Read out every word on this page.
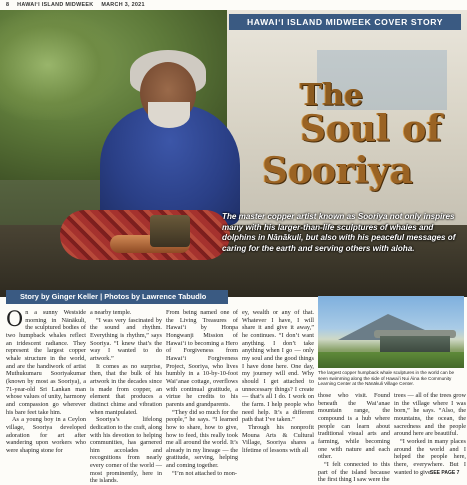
8 HAWAIʻI ISLAND MIDWEEK MARCH 3, 2021
HAWAIʻI ISLAND MIDWEEK COVER STORY
The
Soul of
Sooriya
The master copper artist known as Sooriya not only inspires many with his larger-than-life sculptures of whales and dolphins in Nānākuli, but also with his peaceful messages of caring for the earth and serving others with aloha.
Story by Ginger Keller | Photos by Lawrence Tabudlo

On a sunny Westside morning in Nānākuli, the sculptured bodies of two humpback whales reflect an iridescent radiance. They represent the largest copper whale structure in the world, and are the handiwork of artist Muthukumaru Sooriyakumar (known by most as Sooriya), a 71-year-old Sri Lankan man whose values of unity, harmony and compassion go wherever his bare feet take him.

As a young boy in a Ceylon village, Sooriya developed adoration for art after wandering upon workers who were shaping stone for

a nearby temple.

“I was very fascinated by the sound and rhythm. Everything is rhythm,” says Sooriya. “I knew that’s the way I wanted to do artwork.”

It comes as no surprise, then, that the bulk of his artwork in the decades since is made from copper, an element that produces a distinct chime and vibration when manipulated.

Sooriya’s lifelong dedication to the craft, along with his devotion to helping communities, has garnered him accolades and recognitions from nearly every corner of the world — most prominently, here in the islands.

From being named one of the Living Treasures of Hawaiʻi by Honpa Hongwanji Mission of Hawaiʻi to becoming a Hero of Forgiveness from Hawaiʻi Forgiveness Project, Sooriya, who lives humbly in a 10-by-10-foot Waiʻanae cottage, overflows with continual gratitude, a virtue he credits to his parents and grandparents.

“They did so much for the people,” he says. “I learned how to share, how to give, how to feed, this really took me all around the world. It’s already in my lineage — the gratitude, serving, helping and coming together.

“I’m not attached to mon-

ey, wealth or any of that. Whatever I have, I will share it and give it away,” he continues. “I don’t want anything. I don’t take anything when I go — only my soul and the good things I have done here. One day, my journey will end. Why should I get attached to unnecessary things? I create — that’s all I do. I work on the farm. I help people who need help. It’s a different path that I’ve taken.”

Through his nonprofit Mouna Arts & Cultural Village, Sooriya shares a lifetime of lessons with all

The largest copper humpback whale sculptures in the world can be seen swimming along the side of Hawaiʻi Nui Āina Ike Community Learning Center at the Nānākuli Village Center.

those who visit. Found beneath the Waiʻanae mountain range, the compound is a hub where people can learn about traditional visual arts and farming, while becoming one with nature and each other.

“I felt connected to this part of the island because the first thing I saw were the

trees — all of the trees grow in the village where I was born,” he says. “Also, the mountains, the ocean, the sacredness and the people around here are beautiful.

“I worked in many places around the world and I helped the people here, there, everywhere. But I wanted to give SEE PAGE 7
